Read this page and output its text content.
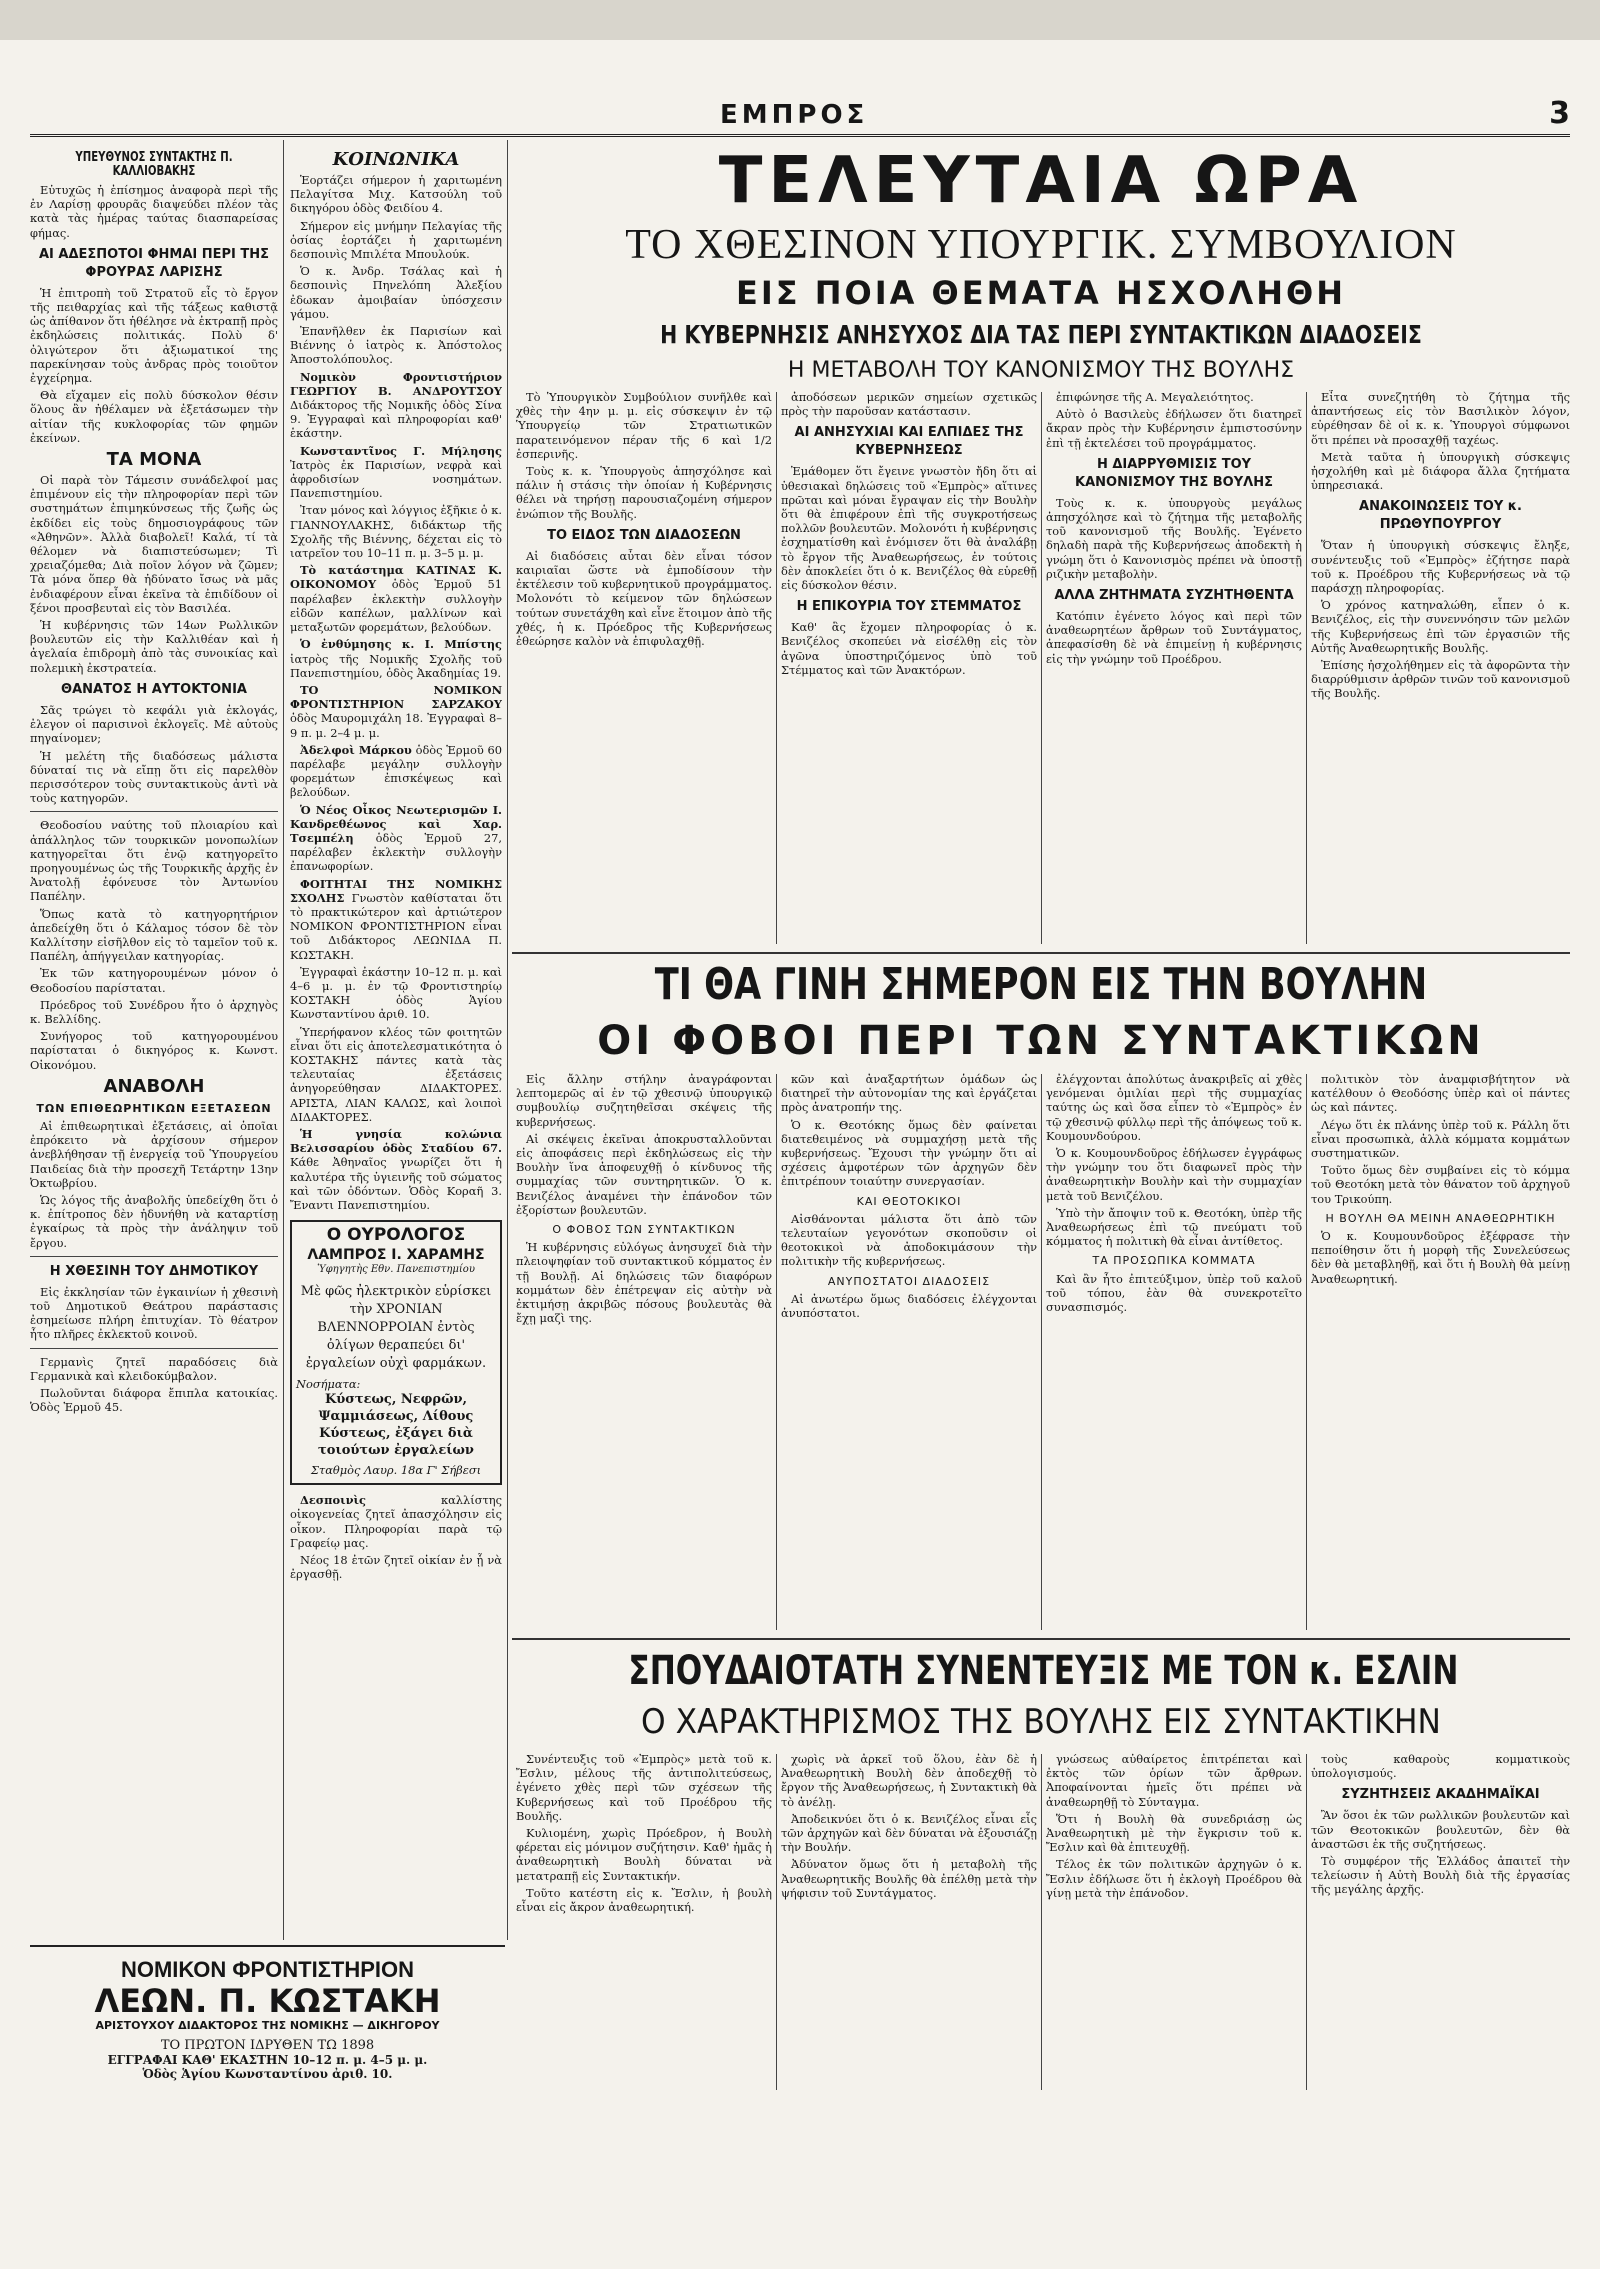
ΕΜΠΡΟΣ	3
ΥΠΕΥΘΥΝΟΣ ΣΥΝΤΑΚΤΗΣ Π. ΚΑΛΛΙΟΒΑΚΗΣ

Εὐτυχῶς ἡ ἐπίσημος ἀναφορὰ περὶ τῆς ἐν Λαρίσῃ φρουρᾶς διαψεύδει πλέον τὰς κατὰ τὰς ἡμέρας ταύτας διασπαρείσας φήμας.

ΑΙ ΑΔΕΣΠΟΤΟΙ ΦΗΜΑΙ ΠΕΡΙ ΤΗΣ ΦΡΟΥΡΑΣ ΛΑΡΙΣΗΣ

Ἡ ἐπιτροπὴ τοῦ Στρατοῦ εἶς τὸ ἔργον τῆς πειθαρχίας καὶ τῆς τάξεως καθιστᾷ ὡς ἀπίθανον ὅτι ἠθέλησε νὰ ἐκτραπῇ πρὸς ἐκδηλώσεις πολιτικάς. Πολὺ δ' ὀλιγώτερον ὅτι ἀξιωματικοί της παρεκίνησαν τοὺς ἀνδρας πρὸς τοιοῦτον ἐγχείρημα.

Θὰ εἴχαμεν εἰς πολὺ δύσκολον θέσιν ὅλους ἂν ἠθέλαμεν νὰ ἐξετάσωμεν τὴν αἰτίαν τῆς κυκλοφορίας τῶν φημῶν ἐκείνων.

ΤΑ ΜΟΝΑ

Οἱ παρὰ τὸν Τάμεσιν συνάδελφοί μας ἐπιμένουν εἰς τὴν πληροφορίαν περὶ τῶν συστημάτων ἐπιμηκύνσεως τῆς ζωῆς ὡς ἐκδίδει εἰς τοὺς δημοσιογράφους τῶν «Ἀθηνῶν». Ἀλλὰ διαβολεῖ! Καλά, τί τὰ θέλομεν νὰ διαπιστεύσωμεν; Τὶ χρειαζόμεθα; Διὰ ποῖον λόγον νὰ ζῶμεν; Τὰ μόνα ὅπερ θὰ ἠδύνατο ἴσως νὰ μᾶς ἐνδιαφέρουν εἶναι ἐκεῖνα τὰ ἐπιδίδουν οἱ ξένοι προσβευταὶ εἰς τὸν Βασιλέα.

Ἡ κυβέρνησις τῶν 14ων Ρωλλικῶν βουλευτῶν εἰς τὴν Καλλιθέαν καὶ ἡ ἀγελαία ἐπιδρομὴ ἀπὸ τὰς συνοικίας καὶ πολεμικὴ ἐκστρατεία.

ΘΑΝΑΤΟΣ Η ΑΥΤΟΚΤΟΝΙΑ

Σᾶς τρώγει τὸ κεφάλι γιὰ ἐκλογάς, ἐλεγον οἱ παρισινοὶ ἐκλογεῖς. Μὲ αὐτοὺς πηγαίνομεν;

Ἡ μελέτη τῆς διαδόσεως μάλιστα δύναταί τις νὰ εἴπῃ ὅτι εἰς παρελθὸν περισσότερον τοὺς συντακτικοὺς ἀντὶ νὰ τοὺς κατηγορῶν.

Θεοδοσίου ναύτης τοῦ πλοιαρίου καὶ ἀπάλληλος τῶν τουρκικῶν μονοπωλίων κατηγορεῖται ὅτι ἐνῷ κατηγορεῖτο προηγουμένως ὡς τῆς Τουρκικῆς ἀρχῆς ἐν Ἀνατολῇ ἐφόνευσε τὸν Ἀντωνίου Παπέλην.

Ὅπως κατὰ τὸ κατηγορητήριον ἀπεδείχθη ὅτι ὁ Κάλαμος τόσον δὲ τὸν Καλλίτσην εἰσῆλθον εἰς τὸ ταμεῖον τοῦ κ. Παπέλη, ἀπήγγειλαν κατηγορίας.

Ἐκ τῶν κατηγορουμένων μόνον ὁ Θεοδοσίου παρίσταται.

Πρόεδρος τοῦ Συνέδρου ἦτο ὁ ἀρχηγὸς κ. Βελλίδης.

Συνήγορος τοῦ κατηγορουμένου παρίσταται ὁ δικηγόρος κ. Κωνστ. Οἰκονόμου.

ΑΝΑΒΟΛΗ
ΤΩΝ ΕΠΙΘΕΩΡΗΤΙΚΩΝ ΕΞΕΤΑΣΕΩΝ

Αἱ ἐπιθεωρητικαὶ ἐξετάσεις, αἱ ὁποῖαι ἐπρόκειτο νὰ ἀρχίσουν σήμερον ἀνεβλήθησαν τῇ ἐνεργείᾳ τοῦ Ὑπουργείου Παιδείας διὰ τὴν προσεχῆ Τετάρτην 13ην Ὀκτωβρίου.

Ὡς λόγος τῆς ἀναβολῆς ὑπεδείχθη ὅτι ὁ κ. ἐπίτροπος δὲν ἠδυνήθη νὰ καταρτίσῃ ἐγκαίρως τὰ πρὸς τὴν ἀνάληψιν τοῦ ἔργου.

Η ΧΘΕΣΙΝΗ ΤΟΥ ΔΗΜΟΤΙΚΟΥ

Εἰς ἐκκλησίαν τῶν ἐγκαινίων ἡ χθεσινὴ τοῦ Δημοτικοῦ Θεάτρου παράστασις ἐσημείωσε πλήρη ἐπιτυχίαν. Τὸ θέατρον ἦτο πλῆρες ἐκλεκτοῦ κοινοῦ.

Γερμανὶς ζητεῖ παραδόσεις διὰ Γερμανικὰ καὶ κλειδοκύμβαλον.

Πωλοῦνται διάφορα ἔπιπλα κατοικίας. Ὁδὸς Ἑρμοῦ 45.

ΚΟΙΝΩΝΙΚΑ

Ἑορτάζει σήμερον ἡ χαριτωμένη Πελαγίτσα Μιχ. Κατσούλη τοῦ δικηγόρου ὁδὸς Φειδίου 4.

Σήμερον εἰς μνήμην Πελαγίας τῆς ὁσίας ἑορτάζει ἡ χαριτωμένη δεσποινὶς Μπιλέτα Μπουλούκ.

Ὁ κ. Ἀνδρ. Τσάλας καὶ ἡ δεσποινὶς Πηνελόπη Ἀλεξίου ἐδωκαν ἀμοιβαίαν ὑπόσχεσιν γάμου.

Ἐπανῆλθεν ἐκ Παρισίων καὶ Βιέννης ὁ ἰατρὸς κ. Ἀπόστολος Ἀποστολόπουλος.

Νομικὸν Φροντιστήριον ΓΕΩΡΓΙΟΥ Β. ΑΝΔΡΟΥΤΣΟΥ Διδάκτορος τῆς Νομικῆς ὁδὸς Σίνα 9. Ἐγγραφαὶ καὶ πληροφορίαι καθ' ἑκάστην.

Κωνσταντῖνος Γ. Μήλησης Ἰατρὸς ἐκ Παρισίων, νεφρὰ καὶ ἀφροδισίων νοσημάτων. Πανεπιστημίου.

Ἰταν μόνος καὶ λόγγιος ἐξῆκιε ὁ κ. ΓΙΑΝΝΟΥΛΑΚΗΣ, διδάκτωρ τῆς Σχολῆς τῆς Βιέννης, δέχεται εἰς τὸ ιατρεῖον του 10–11 π. μ. 3–5 μ. μ.

Τὸ κατάστημα ΚΑΤΙΝΑΣ Κ. ΟΙΚΟΝΟΜΟΥ ὁδὸς Ἑρμοῦ 51 παρέλαβεν ἐκλεκτὴν συλλογὴν εἰδῶν καπέλων, μαλλίνων καὶ μεταξωτῶν φορεμάτων, βελούδων.

Ὁ ἐνθύμησης κ. Ι. Μπίστης ἰατρὸς τῆς Νομικῆς Σχολῆς τοῦ Πανεπιστημίου, ὁδὸς Ἀκαδημίας 19.

ΤΟ ΝΟΜΙΚΟΝ ΦΡΟΝΤΙΣΤΗΡΙΟΝ ΣΑΡΖΑΚΟΥ ὁδὸς Μαυρομιχάλη 18. Ἐγγραφαὶ 8–9 π. μ. 2–4 μ. μ.

Ἀδελφοὶ Μάρκου ὁδὸς Ἑρμοῦ 60 παρέλαβε μεγάλην συλλογὴν φορεμάτων ἐπισκέψεως καὶ βελούδων.

Ὁ Νέος Οἶκος Νεωτερισμῶν Ι. Κανδρεθέωνος καὶ Χαρ. Τσεμπέλη ὁδὸς Ἑρμοῦ 27, παρέλαβεν ἐκλεκτὴν συλλογὴν ἐπανωφορίων.

ΦΟΙΤΗΤΑΙ ΤΗΣ ΝΟΜΙΚΗΣ ΣΧΟΛΗΣ Γνωστὸν καθίσταται ὅτι τὸ πρακτικώτερον καὶ ἀρτιώτερον ΝΟΜΙΚΟΝ ΦΡΟΝΤΙΣΤΗΡΙΟΝ εἶναι τοῦ Διδάκτορος ΛΕΩΝΙΔΑ Π. ΚΩΣΤΑΚΗ.

Ἐγγραφαὶ ἐκάστην 10–12 π. μ. καὶ 4–6 μ. μ. ἐν τῷ Φροντιστηρίῳ ΚΟΣΤΑΚΗ ὁδὸς Ἁγίου Κωνσταντίνου ἀριθ. 10.

Ὑπερήφανον κλέος τῶν φοιτητῶν εἶναι ὅτι εἰς ἀποτελεσματικότητα ὁ ΚΟΣΤΑΚΗΣ πάντες κατὰ τὰς τελευταίας ἐξετάσεις ἀνηγορεύθησαν ΔΙΔΑΚΤΟΡΕΣ. ΑΡΙΣΤΑ, ΛΙΑΝ ΚΑΛΩΣ, καὶ λοιποὶ ΔΙΔΑΚΤΟΡΕΣ.

Ἡ γνησία κολώνια Βελισσαρίου ὁδὸς Σταδίου 67. Κάθε Ἀθηναῖος γνωρίζει ὅτι ἡ καλυτέρα τῆς ὑγιεινῆς τοῦ σώματος καὶ τῶν ὀδόντων. Ὁδὸς Κοραῆ 3. Ἔναντι Πανεπιστημίου.

Ο ΟΥΡΟΛΟΓΟΣ
ΛΑΜΠΡΟΣ Ι. ΧΑΡΑΜΗΣ
Ὑφηγητὴς Εθν. Πανεπιστημίου
Μὲ φῶς ἠλεκτρικὸν εὑρίσκει τὴν ΧΡΟΝΙΑΝ ΒΛΕΝΝΟΡΡΟΙΑΝ ἐντὸς ὀλίγων θεραπεύει δι' ἐργαλείων οὐχὶ φαρμάκων.
Νοσήματα:
Κύστεως, Νεφρῶν, Ψαμμιάσεως, Λίθους Κύστεως, ἐξάγει διὰ τοιούτων ἐργαλείων
Σταθμὸς Λαυρ. 18α Γ' Σήβεσι

Δεσποινὶς	καλλίστης οἰκογενείας ζητεῖ ἀπασχόλησιν εἰς οἶκον. Πληροφορίαι παρὰ τῷ Γραφείῳ μας.

Νέος 18 ἐτῶν ζητεῖ οἰκίαν ἐν ᾗ νὰ ἐργασθῇ.

ΝΟΜΙΚΟΝ ΦΡΟΝΤΙΣΤΗΡΙΟΝ
ΛΕΩΝ. Π. ΚΩΣΤΑΚΗ
ΑΡΙΣΤΟΥΧΟΥ ΔΙΔΑΚΤΟΡΟΣ ΤΗΣ ΝΟΜΙΚΗΣ — ΔΙΚΗΓΟΡΟΥ
ΤΟ ΠΡΩΤΟΝ ΙΔΡΥΘΕΝ ΤΩ 1898
ΕΓΓΡΑΦΑΙ ΚΑΘ' ΕΚΑΣΤΗΝ 10–12 π. μ. 4–5 μ. μ.
Ὁδὸς Ἁγίου Κωνσταντίνου ἀριθ. 10.
ΤΕΛΕΥΤΑΙΑ ΩΡΑ
ΤΟ ΧΘΕΣΙΝΟΝ ΥΠΟΥΡΓΙΚ. ΣΥΜΒΟΥΛΙΟΝ
ΕΙΣ ΠΟΙΑ ΘΕΜΑΤΑ ΗΣΧΟΛΗΘΗ
Η ΚΥΒΕΡΝΗΣΙΣ ΑΝΗΣΥΧΟΣ ΔΙΑ ΤΑΣ ΠΕΡΙ ΣΥΝΤΑΚΤΙΚΩΝ ΔΙΑΔΟΣΕΙΣ
Η ΜΕΤΑΒΟΛΗ ΤΟΥ ΚΑΝΟΝΙΣΜΟΥ ΤΗΣ ΒΟΥΛΗΣ

Τὸ Ὑπουργικὸν Συμβούλιον συνῆλθε καὶ χθὲς τὴν 4ην μ. μ. εἰς σύσκεψιν ἐν τῷ Ὑπουργείῳ τῶν Στρατιωτικῶν παρατεινόμενον πέραν τῆς 6 καὶ 1/2 ἑσπερινῆς.

Τοὺς κ. κ. Ὑπουργοὺς ἀπησχόλησε καὶ πάλιν ἡ στάσις τὴν ὁποίαν ἡ Κυβέρνησις θέλει νὰ τηρήσῃ παρουσιαζομένη σήμερον ἐνώπιον τῆς Βουλῆς.

ΤΟ ΕΙΔΟΣ ΤΩΝ ΔΙΑΔΟΣΕΩΝ

Αἱ διαδόσεις αὗται δὲν εἶναι τόσον καιριαῖαι ὥστε νὰ ἐμποδίσουν τὴν ἐκτέλεσιν τοῦ κυβερνητικοῦ προγράμματος. Μολονότι τὸ κείμενον τῶν δηλώσεων τούτων συνετάχθη καὶ εἶνε ἕτοιμον ἀπὸ τῆς χθές, ἡ κ. Πρόεδρος τῆς Κυβερνήσεως ἐθεώρησε καλὸν νὰ ἐπιφυλαχθῇ.

ἀποδόσεων μερικῶν σημείων σχετικῶς πρὸς τὴν παροῦσαν κατάστασιν.

ΑΙ ΑΝΗΣΥΧΙΑΙ ΚΑΙ ΕΛΠΙΔΕΣ ΤΗΣ ΚΥΒΕΡΝΗΣΕΩΣ

Ἐμάθομεν ὅτι ἔγεινε γνωστὸν ἤδη ὅτι αἱ ὑθεσιακαὶ δηλώσεις τοῦ «Ἐμπρὸς» αἵτινες πρῶται καὶ μόναι ἔγραψαν εἰς τὴν Βουλὴν ὅτι θὰ ἐπιφέρουν ἐπὶ τῆς συγκροτήσεως πολλῶν βουλευτῶν. Μολονότι ἡ κυβέρνησις ἐσχηματίσθη καὶ ἐνόμισεν ὅτι θὰ ἀναλάβῃ τὸ ἔργον τῆς Ἀναθεωρήσεως, ἐν τούτοις δὲν ἀποκλείει ὅτι ὁ κ. Βενιζέλος θὰ εὑρεθῇ εἰς δύσκολον θέσιν.

Η ΕΠΙΚΟΥΡΙΑ ΤΟΥ ΣΤΕΜΜΑΤΟΣ

Καθ' ἃς ἔχομεν πληροφορίας ὁ κ. Βενιζέλος σκοπεύει νὰ εἰσέλθῃ εἰς τὸν ἀγῶνα ὑποστηριζόμενος ὑπὸ τοῦ Στέμματος καὶ τῶν Ἀνακτόρων.

ἐπιφώνησε τῆς Α. Μεγαλειότητος.

Αὐτὸ ὁ Βασιλεὺς ἐδήλωσεν ὅτι διατηρεῖ ἄκραν πρὸς τὴν Κυβέρνησιν ἐμπιστοσύνην ἐπὶ τῇ ἐκτελέσει τοῦ προγράμματος.

Η ΔΙΑΡΡΥΘΜΙΣΙΣ ΤΟΥ ΚΑΝΟΝΙΣΜΟΥ ΤΗΣ ΒΟΥΛΗΣ

Τοὺς κ. κ. ὑπουργοὺς μεγάλως ἀπησχόλησε καὶ τὸ ζήτημα τῆς μεταβολῆς τοῦ κανονισμοῦ τῆς Βουλῆς. Ἐγένετο δηλαδὴ παρὰ τῆς Κυβερνήσεως ἀποδεκτὴ ἡ γνώμη ὅτι ὁ Κανονισμὸς πρέπει νὰ ὑποστῇ ριζικὴν μεταβολὴν.

ΑΛΛΑ ΖΗΤΗΜΑΤΑ ΣΥΖΗΤΗΘΕΝΤΑ

Κατόπιν ἐγένετο λόγος καὶ περὶ τῶν ἀναθεωρητέων ἄρθρων τοῦ Συντάγματος, ἀπεφασίσθη δὲ νὰ ἐπιμείνῃ ἡ κυβέρνησις εἰς τὴν γνώμην τοῦ Προέδρου.

Εἶτα συνεζητήθη τὸ ζήτημα τῆς ἀπαντήσεως εἰς τὸν Βασιλικὸν λόγον, εὑρέθησαν δὲ οἱ κ. κ. Ὑπουργοὶ σύμφωνοι ὅτι πρέπει νὰ προσαχθῇ ταχέως.

Μετὰ ταῦτα ἡ ὑπουργικὴ σύσκεψις ἠσχολήθη καὶ μὲ διάφορα ἄλλα ζητήματα ὑπηρεσιακά.

ΑΝΑΚΟΙΝΩΣΕΙΣ ΤΟΥ κ. ΠΡΩΘΥΠΟΥΡΓΟΥ

Ὅταν ἡ ὑπουργικὴ σύσκεψις ἔληξε, συνέντευξις τοῦ «Ἐμπρὸς» ἐζήτησε παρὰ τοῦ κ. Προέδρου τῆς Κυβερνήσεως νὰ τῷ παράσχῃ πληροφορίας.

Ὁ χρόνος κατηναλώθη, εἶπεν ὁ κ. Βενιζέλος, εἰς τὴν συνεννόησιν τῶν μελῶν τῆς Κυβερνήσεως ἐπὶ τῶν ἐργασιῶν τῆς Αὐτῆς Ἀναθεωρητικῆς Βουλῆς.

Ἐπίσης ἠσχολήθημεν εἰς τὰ ἀφορῶντα τὴν διαρρύθμισιν ἀρθρῶν τινῶν τοῦ κανονισμοῦ τῆς Βουλῆς.

ΤΙ ΘΑ ΓΙΝΗ ΣΗΜΕΡΟΝ ΕΙΣ ΤΗΝ ΒΟΥΛΗΝ
ΟΙ ΦΟΒΟΙ ΠΕΡΙ ΤΩΝ ΣΥΝΤΑΚΤΙΚΩΝ

Εἰς ἄλλην στήλην ἀναγράφονται λεπτομερῶς αἱ ἐν τῷ χθεσινῷ ὑπουργικῷ συμβουλίῳ συζητηθεῖσαι σκέψεις τῆς κυβερνήσεως.

Αἱ σκέψεις ἐκεῖναι ἀποκρυσταλλοῦνται εἰς ἀποφάσεις περὶ ἐκδηλώσεως εἰς τὴν Βουλὴν ἵνα ἀποφευχθῇ ὁ κίνδυνος τῆς συμμαχίας τῶν συντηρητικῶν. Ὁ κ. Βενιζέλος ἀναμένει τὴν ἐπάνοδον τῶν ἐξορίστων βουλευτῶν.

Ο ΦΟΒΟΣ ΤΩΝ ΣΥΝΤΑΚΤΙΚΩΝ

Ἡ κυβέρνησις εὐλόγως ἀνησυχεῖ διὰ τὴν πλειοψηφίαν τοῦ συντακτικοῦ κόμματος ἐν τῇ Βουλῇ. Αἱ δηλώσεις τῶν διαφόρων κομμάτων δὲν ἐπέτρεψαν εἰς αὐτὴν νὰ ἐκτιμήσῃ ἀκριβῶς πόσους βουλευτὰς θὰ ἔχῃ μαζὶ της.

κῶν καὶ ἀναξαρτήτων ὁμάδων ὡς διατηρεῖ τὴν αὐτονομίαν της καὶ ἐργάζεται πρὸς ἀνατροπήν της.

Ὁ κ. Θεοτόκης ὅμως δὲν φαίνεται διατεθειμένος νὰ συμμαχήσῃ μετὰ τῆς κυβερνήσεως. Ἔχουσι τὴν γνώμην ὅτι αἱ σχέσεις ἀμφοτέρων τῶν ἀρχηγῶν δὲν ἐπιτρέπουν τοιαύτην συνεργασίαν.

ΚΑΙ ΘΕΟΤΟΚΙΚΟΙ

Αἰσθάνονται μάλιστα ὅτι ἀπὸ τῶν τελευταίων γεγονότων σκοποῦσιν οἱ θεοτοκικοὶ νὰ ἀποδοκιμάσουν τὴν πολιτικὴν τῆς κυβερνήσεως.

ΑΝΥΠΟΣΤΑΤΟΙ ΔΙΑΔΟΣΕΙΣ

Αἱ ἀνωτέρω ὅμως διαδόσεις ἐλέγχονται ἀνυπόστατοι.

ἐλέγχονται ἀπολύτως ἀνακριβεῖς αἱ χθὲς γενόμεναι ὁμιλίαι περὶ τῆς συμμαχίας ταύτης ὡς καὶ ὅσα εἶπεν τὸ «Ἐμπρὸς» ἐν τῷ χθεσινῷ φύλλῳ περὶ τῆς ἀπόψεως τοῦ κ. Κουμουνδούρου.

Ὁ κ. Κουμουνδοῦρος ἐδήλωσεν ἐγγράφως τὴν γνώμην του ὅτι διαφωνεῖ πρὸς τὴν ἀναθεωρητικὴν Βουλὴν καὶ τὴν συμμαχίαν μετὰ τοῦ Βενιζέλου.

Ὑπὸ τὴν ἄποψιν τοῦ κ. Θεοτόκη, ὑπὲρ τῆς Ἀναθεωρήσεως ἐπὶ τῷ πνεύματι τοῦ κόμματος ἡ πολιτικὴ θὰ εἶναι ἀντίθετος.

ΤΑ ΠΡΟΣΩΠΙΚΑ ΚΟΜΜΑΤΑ

Καὶ ἂν ἦτο ἐπιτεύξιμον, ὑπὲρ τοῦ καλοῦ τοῦ τόπου, ἐὰν θὰ συνεκροτεῖτο συνασπισμός.

πολιτικὸν τὸν ἀναμφισβήτητον νὰ κατέλθουν ὁ Θεοδόσης ὑπὲρ καὶ οἱ πάντες ὡς καὶ πάντες.

Λέγω ὅτι ἐκ πλάνης ὑπὲρ τοῦ κ. Ράλλη ὅτι εἶναι προσωπικὰ, ἀλλὰ κόμματα κομμάτων συστηματικῶν.

Τοῦτο ὅμως δὲν συμβαίνει εἰς τὸ κόμμα τοῦ Θεοτόκη μετὰ τὸν θάνατον τοῦ ἀρχηγοῦ του Τρικούπη.

Η ΒΟΥΛΗ ΘΑ ΜΕΙΝΗ ΑΝΑΘΕΩΡΗΤΙΚΗ

Ὁ κ. Κουμουνδοῦρος ἐξέφρασε τὴν πεποίθησιν ὅτι ἡ μορφὴ τῆς Συνελεύσεως δὲν θὰ μεταβληθῇ, καὶ ὅτι ἡ Βουλὴ θὰ μείνῃ Ἀναθεωρητική.

ΣΠΟΥΔΑΙΟΤΑΤΗ ΣΥΝΕΝΤΕΥΞΙΣ ΜΕ ΤΟΝ κ. ΕΣΛΙΝ
Ο ΧΑΡΑΚΤΗΡΙΣΜΟΣ ΤΗΣ ΒΟΥΛΗΣ ΕΙΣ ΣΥΝΤΑΚΤΙΚΗΝ

Συνέντευξις τοῦ «Ἐμπρὸς» μετὰ τοῦ κ. Ἔσλιν, μέλους τῆς ἀντιπολιτεύσεως, ἐγένετο χθὲς περὶ τῶν σχέσεων τῆς Κυβερνήσεως καὶ τοῦ Προέδρου τῆς Βουλῆς.

Κυλιομένη, χωρὶς Πρόεδρον, ἡ Βουλὴ φέρεται εἰς μόνιμον συζήτησιν. Καθ' ἡμᾶς ἡ ἀναθεωρητικὴ Βουλὴ δύναται νὰ μετατραπῇ εἰς Συντακτικήν.

Τοῦτο κατέστη εἰς κ. Ἔσλιν, ἡ βουλὴ εἶναι εἰς ἄκρον ἀναθεωρητική.

χωρὶς νὰ ἀρκεῖ τοῦ ὅλου, ἐὰν δὲ ἡ Ἀναθεωρητικὴ Βουλὴ δὲν ἀποδεχθῇ τὸ ἔργον τῆς Ἀναθεωρήσεως, ἡ Συντακτικὴ θὰ τὸ ἀνέλῃ.

Ἀποδεικνύει ὅτι ὁ κ. Βενιζέλος εἶναι εἷς τῶν ἀρχηγῶν καὶ δὲν δύναται νὰ ἐξουσιάζῃ τὴν Βουλήν.

Ἀδύνατον ὅμως ὅτι ἡ μεταβολὴ τῆς Ἀναθεωρητικῆς Βουλῆς θὰ ἐπέλθῃ μετὰ τὴν ψήφισιν τοῦ Συντάγματος.

γνώσεως αὐθαίρετος ἐπιτρέπεται καὶ ἐκτὸς τῶν ὁρίων τῶν ἄρθρων. Ἀποφαίνονται ἡμεῖς ὅτι πρέπει νὰ ἀναθεωρηθῇ τὸ Σύνταγμα.

Ὅτι ἡ Βουλὴ θὰ συνεδριάσῃ ὡς Ἀναθεωρητικὴ μὲ τὴν ἔγκρισιν τοῦ κ. Ἔσλιν καὶ θὰ ἐπιτευχθῇ.

Τέλος ἐκ τῶν πολιτικῶν ἀρχηγῶν ὁ κ. Ἔσλιν ἐδήλωσε ὅτι ἡ ἐκλογὴ Προέδρου θὰ γίνῃ μετὰ τὴν ἐπάνοδον.

τοὺς καθαροὺς κομματικοὺς ὑπολογισμούς.

ΣΥΖΗΤΗΣΕΙΣ ΑΚΑΔΗΜΑΪΚΑΙ

Ἂν ὅσοι ἐκ τῶν ρωλλικῶν βουλευτῶν καὶ τῶν Θεοτοκικῶν βουλευτῶν, δὲν θὰ ἀναστῶσι ἐκ τῆς συζητήσεως.

Τὸ συμφέρον τῆς Ἑλλάδος ἀπαιτεῖ τὴν τελείωσιν ἡ Αὐτὴ Βουλὴ διὰ τῆς ἐργασίας τῆς μεγάλης ἀρχῆς.
